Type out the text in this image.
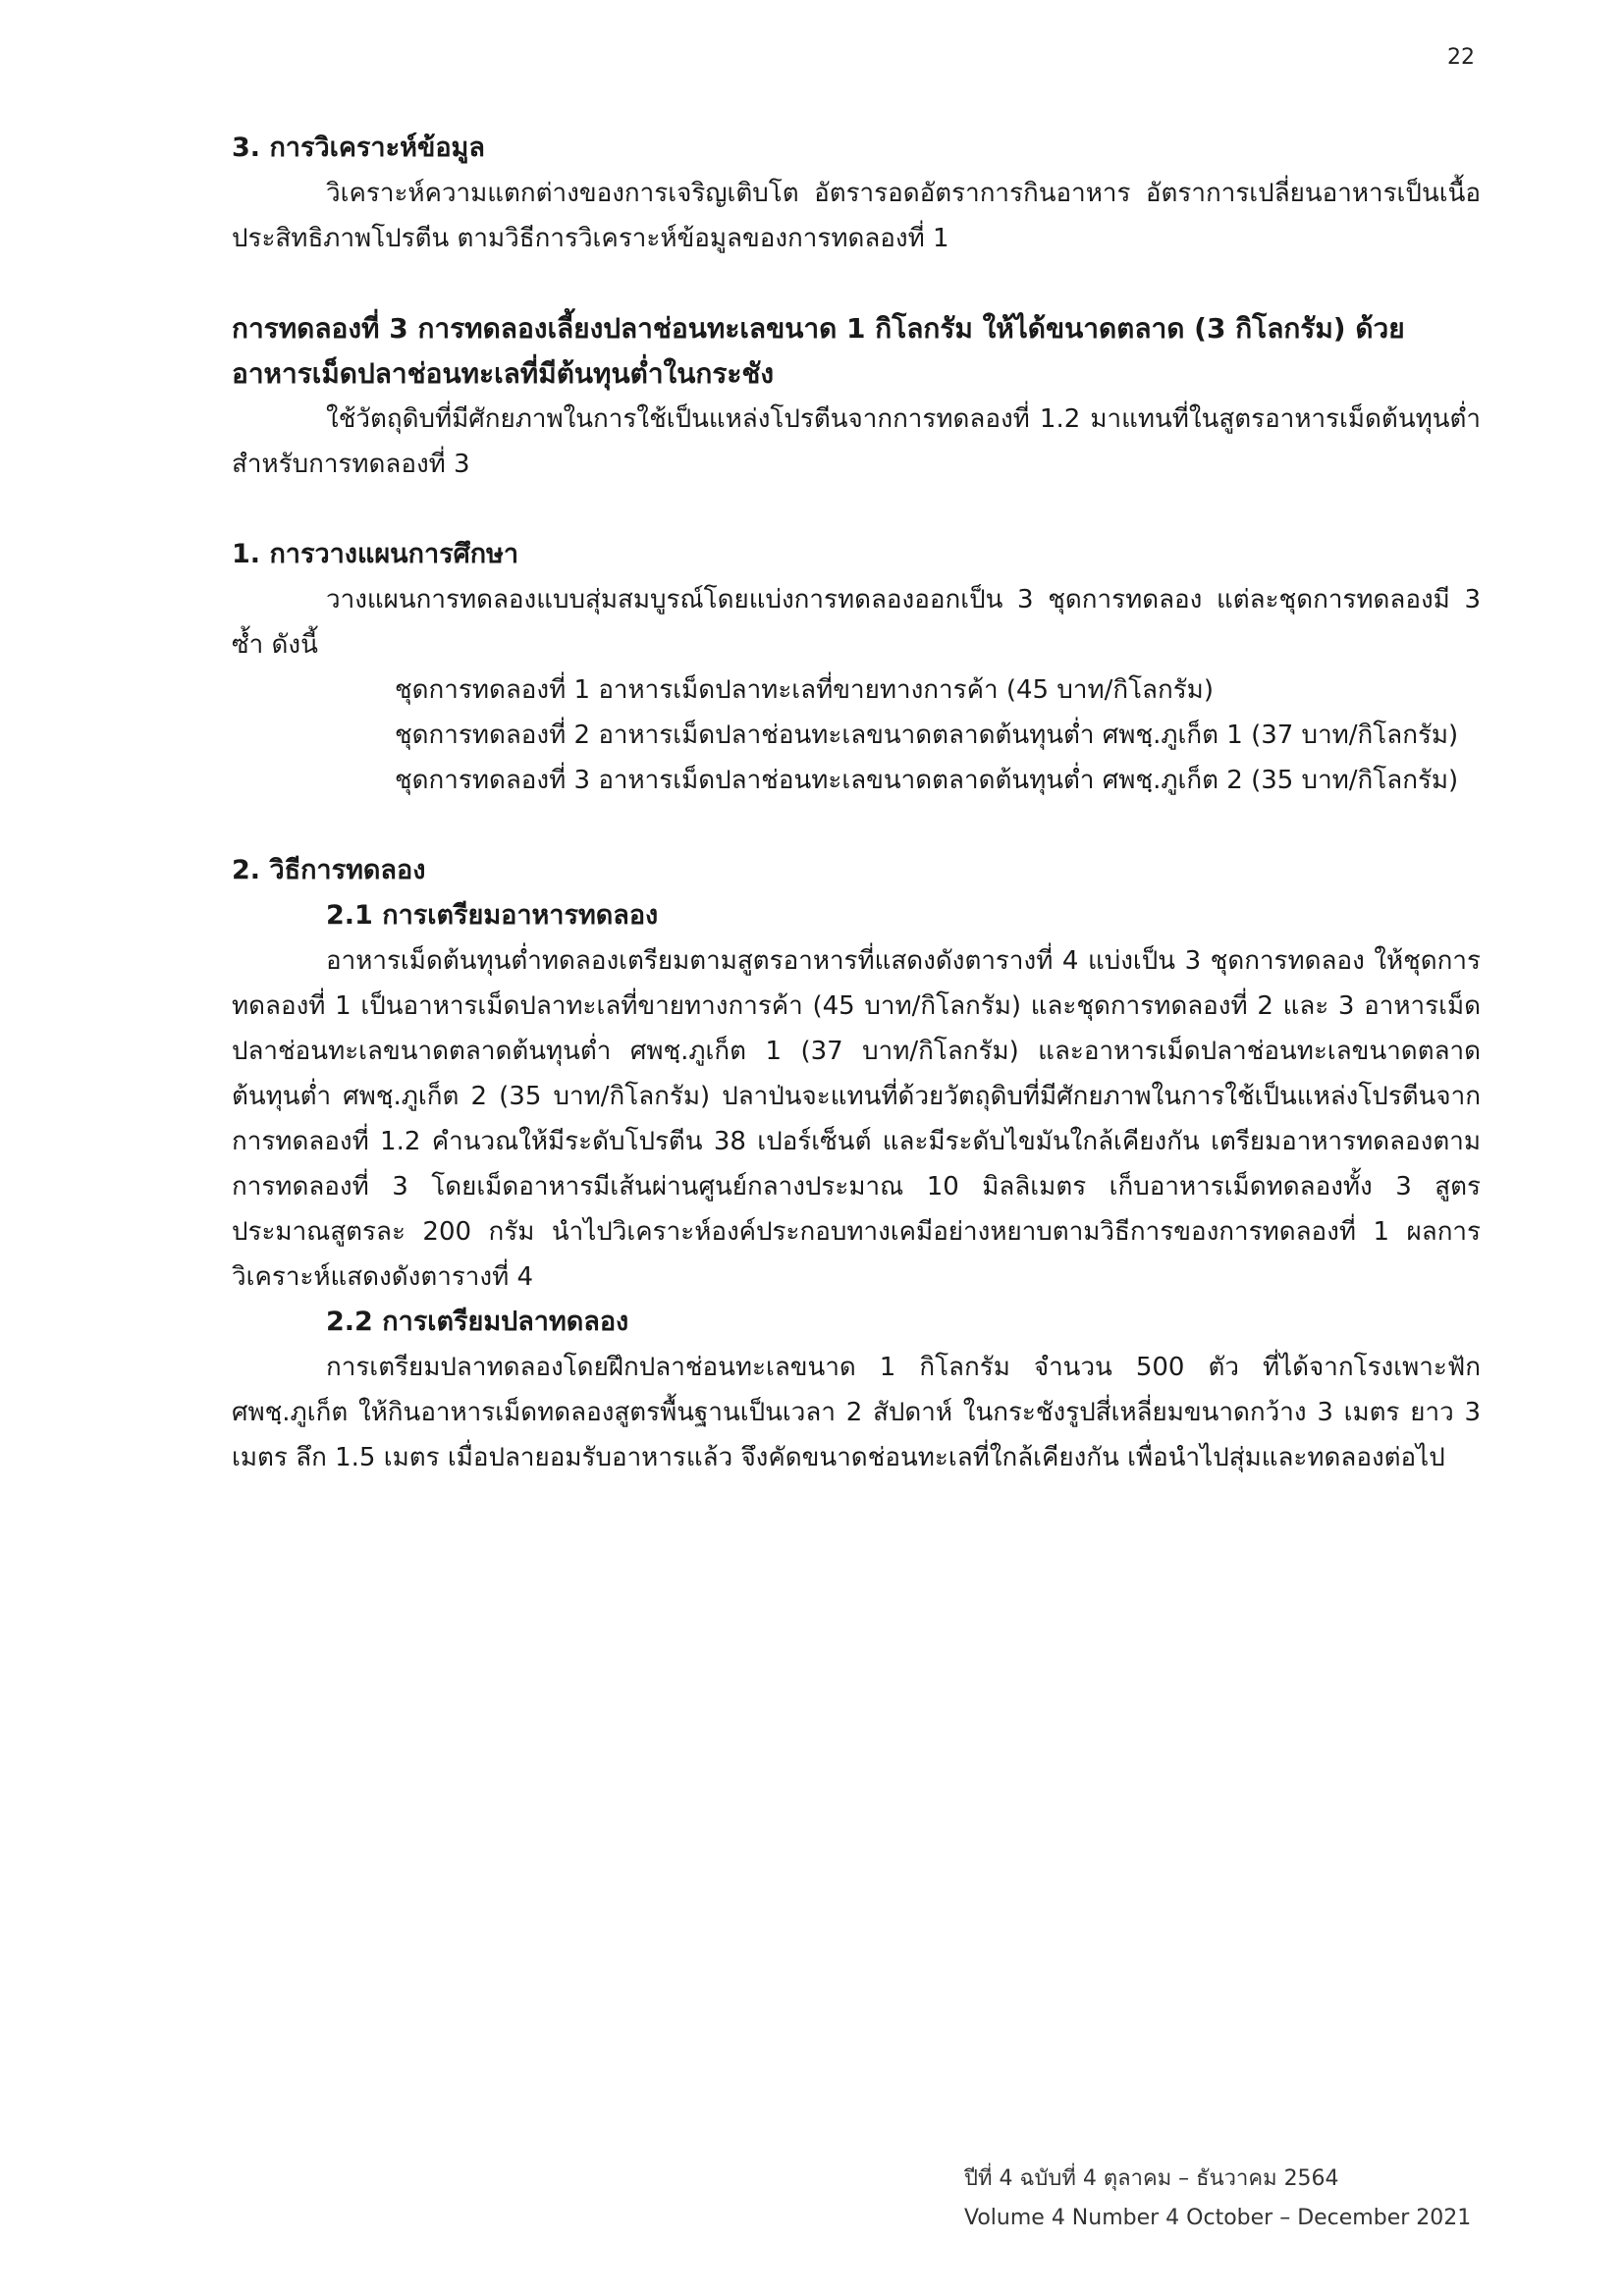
22
3. การวิเคราะห์ข้อมูล

วิเคราะห์ความแตกต่างของการเจริญเติบโต อัตรารอดอัตราการกินอาหาร อัตราการเปลี่ยนอาหารเป็นเนื้อ ประสิทธิภาพโปรตีน ตามวิธีการวิเคราะห์ข้อมูลของการทดลองที่ 1

การทดลองที่ 3 การทดลองเลี้ยงปลาช่อนทะเลขนาด 1 กิโลกรัม ให้ได้ขนาดตลาด (3 กิโลกรัม) ด้วยอาหารเม็ดปลาช่อนทะเลที่มีต้นทุนต่ำในกระชัง

ใช้วัตถุดิบที่มีศักยภาพในการใช้เป็นแหล่งโปรตีนจากการทดลองที่ 1.2 มาแทนที่ในสูตรอาหารเม็ดต้นทุนต่ำสำหรับการทดลองที่ 3

1. การวางแผนการศึกษา

วางแผนการทดลองแบบสุ่มสมบูรณ์โดยแบ่งการทดลองออกเป็น 3 ชุดการทดลอง แต่ละชุดการทดลองมี 3 ซ้ำ ดังนี้

ชุดการทดลองที่ 1 อาหารเม็ดปลาทะเลที่ขายทางการค้า (45 บาท/กิโลกรัม)
ชุดการทดลองที่ 2 อาหารเม็ดปลาช่อนทะเลขนาดตลาดต้นทุนต่ำ ศพชฺ.ภูเก็ต 1 (37 บาท/กิโลกรัม)
ชุดการทดลองที่ 3 อาหารเม็ดปลาช่อนทะเลขนาดตลาดต้นทุนต่ำ ศพชฺ.ภูเก็ต 2 (35 บาท/กิโลกรัม)
2. วิธีการทดลอง
2.1 การเตรียมอาหารทดลอง

อาหารเม็ดต้นทุนต่ำทดลองเตรียมตามสูตรอาหารที่แสดงดังตารางที่ 4 แบ่งเป็น 3 ชุดการทดลอง ให้ชุดการทดลองที่ 1 เป็นอาหารเม็ดปลาทะเลที่ขายทางการค้า (45 บาท/กิโลกรัม) และชุดการทดลองที่ 2 และ 3 อาหารเม็ดปลาช่อนทะเลขนาดตลาดต้นทุนต่ำ ศพชฺ.ภูเก็ต 1 (37 บาท/กิโลกรัม) และอาหารเม็ดปลาช่อนทะเลขนาดตลาดต้นทุนต่ำ ศพชฺ.ภูเก็ต 2 (35 บาท/กิโลกรัม) ปลาป่นจะแทนที่ด้วยวัตถุดิบที่มีศักยภาพในการใช้เป็นแหล่งโปรตีนจากการทดลองที่ 1.2 คำนวณให้มีระดับโปรตีน 38 เปอร์เซ็นต์ และมีระดับไขมันใกล้เคียงกัน เตรียมอาหารทดลองตามการทดลองที่ 3 โดยเม็ดอาหารมีเส้นผ่านศูนย์กลางประมาณ 10 มิลลิเมตร เก็บอาหารเม็ดทดลองทั้ง 3 สูตร ประมาณสูตรละ 200 กรัม นำไปวิเคราะห์องค์ประกอบทางเคมีอย่างหยาบตามวิธีการของการทดลองที่ 1 ผลการวิเคราะห์แสดงดังตารางที่ 4

2.2 การเตรียมปลาทดลอง

การเตรียมปลาทดลองโดยฝึกปลาช่อนทะเลขนาด 1 กิโลกรัม จำนวน 500 ตัว ที่ได้จากโรงเพาะฟักศพชฺ.ภูเก็ต ให้กินอาหารเม็ดทดลองสูตรพื้นฐานเป็นเวลา 2 สัปดาห์ ในกระชังรูปสี่เหลี่ยมขนาดกว้าง 3 เมตร ยาว 3 เมตร ลึก 1.5 เมตร เมื่อปลายอมรับอาหารแล้ว จึงคัดขนาดช่อนทะเลที่ใกล้เคียงกัน เพื่อนำไปสุ่มและทดลองต่อไป

ปีที่ 4 ฉบับที่ 4 ตุลาคม – ธันวาคม 2564
Volume 4 Number 4 October – December 2021
